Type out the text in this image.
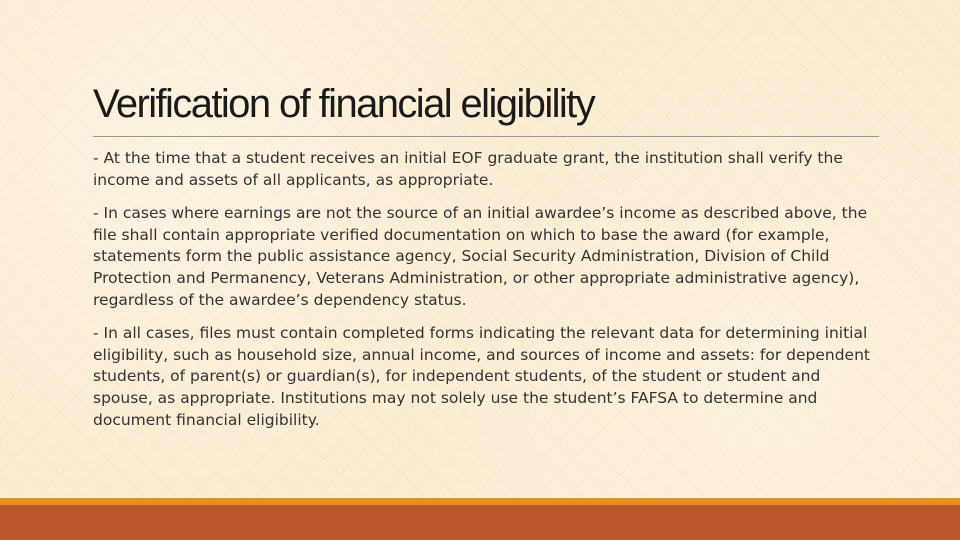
Verification of financial eligibility

- At the time that a student receives an initial EOF graduate grant, the institution shall verify the income and assets of all applicants, as appropriate.

- In cases where earnings are not the source of an initial awardee’s income as described above, the file shall contain appropriate verified documentation on which to base the award (for example, statements form the public assistance agency, Social Security Administration, Division of Child Protection and Permanency, Veterans Administration, or other appropriate administrative agency), regardless of the awardee’s dependency status.

- In all cases, files must contain completed forms indicating the relevant data for determining initial eligibility, such as household size, annual income, and sources of income and assets: for dependent students, of parent(s) or guardian(s), for independent students, of the student or student and spouse, as appropriate. Institutions may not solely use the student’s FAFSA to determine and document financial eligibility.
